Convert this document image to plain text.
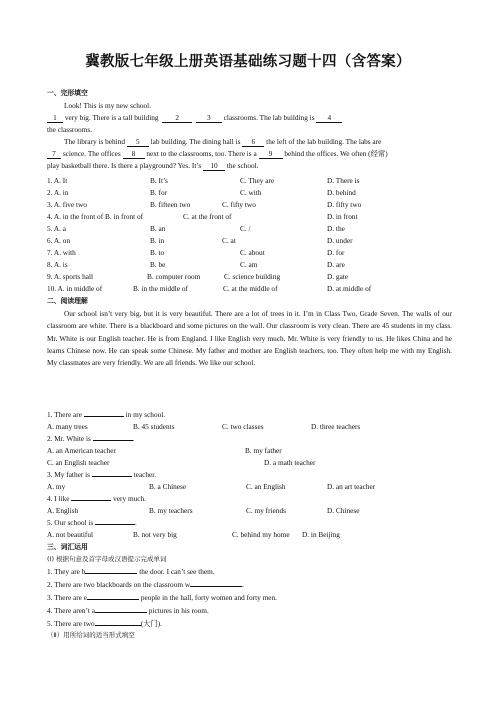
冀教版七年级上册英语基础练习题十四（含答案）
一、完形填空
Look! This is my new school.
1 very big. There is a tall building 2	3 classrooms. The lab building is 4
the classrooms.
The library is behind 5 lab building. The dining hall is 6 the left of the lab building. The labs are
7 science. The offices 8 next to the classrooms, too. There is a 9 behind the offices. We often (经常)
play basketball there. Is there a playground? Yes. It’s 10 the school.
1. A. It	B. It’s	C. They are	D. There is
2. A. in	B. for	C. with	D. behind
3. A. five two	B. fifteen two	C. fifty two	D. fifty two
4. A. in the front of B. in front of	C. at the front of	D. in front
5. A. a	B. an	C. /	D. the
6. A. on	B. in	C. at	D. under
7. A. with	B. to	C. about	D. for
8. A. is	B. be	C. am	D. are
9. A. sports hall	B. computer room	C. science building	D. gate
10. A. in middle of	B. in the middle of	C. at the middle of	D. at middle of
二、阅读理解

Our school isn’t very big, but it is very beautiful. There are a lot of trees in it. I’m in Class Two, Grade Seven. The walls of our classroom are white. There is a blackboard and some pictures on the wall. Our classroom is very clean. There are 45 students in my class. Mr. White is our English teacher. He is from England. I like English very much. Mr. White is very friendly to us. He likes China and he learns Chinese now. He can speak some Chinese. My father and mother are English teachers, too. They often help me with my English. My classmates are very friendly. We are all friends. We like our school.

1. There are	in my school.
A. many trees	B. 45 students	C. two classes	D. three teachers
2. Mr. White is	.
A. an American teacher	B. my father
C. an English teacher	D. a math teacher
3. My father is	teacher.
A. my	B. a Chinese	C. an English	D. an art teacher
4. I like	very much.
A. English	B. my teachers	C. my friends	D. Chinese
5. Our school is	.
A. not beautiful	B. not very big	C. behind my home D. in Beijing
三、词汇运用
(Ⅰ) 根据句意及首字母或汉语提示完成单词
1. They are b	the door. I can’t see them.
2. There are two blackboards on the classroom w	.
3. There are e	people in the hall, forty women and forty men.
4. There aren’t a	pictures in his room.
5. There are two	(大门).
（Ⅱ）用所给词的适当形式填空
